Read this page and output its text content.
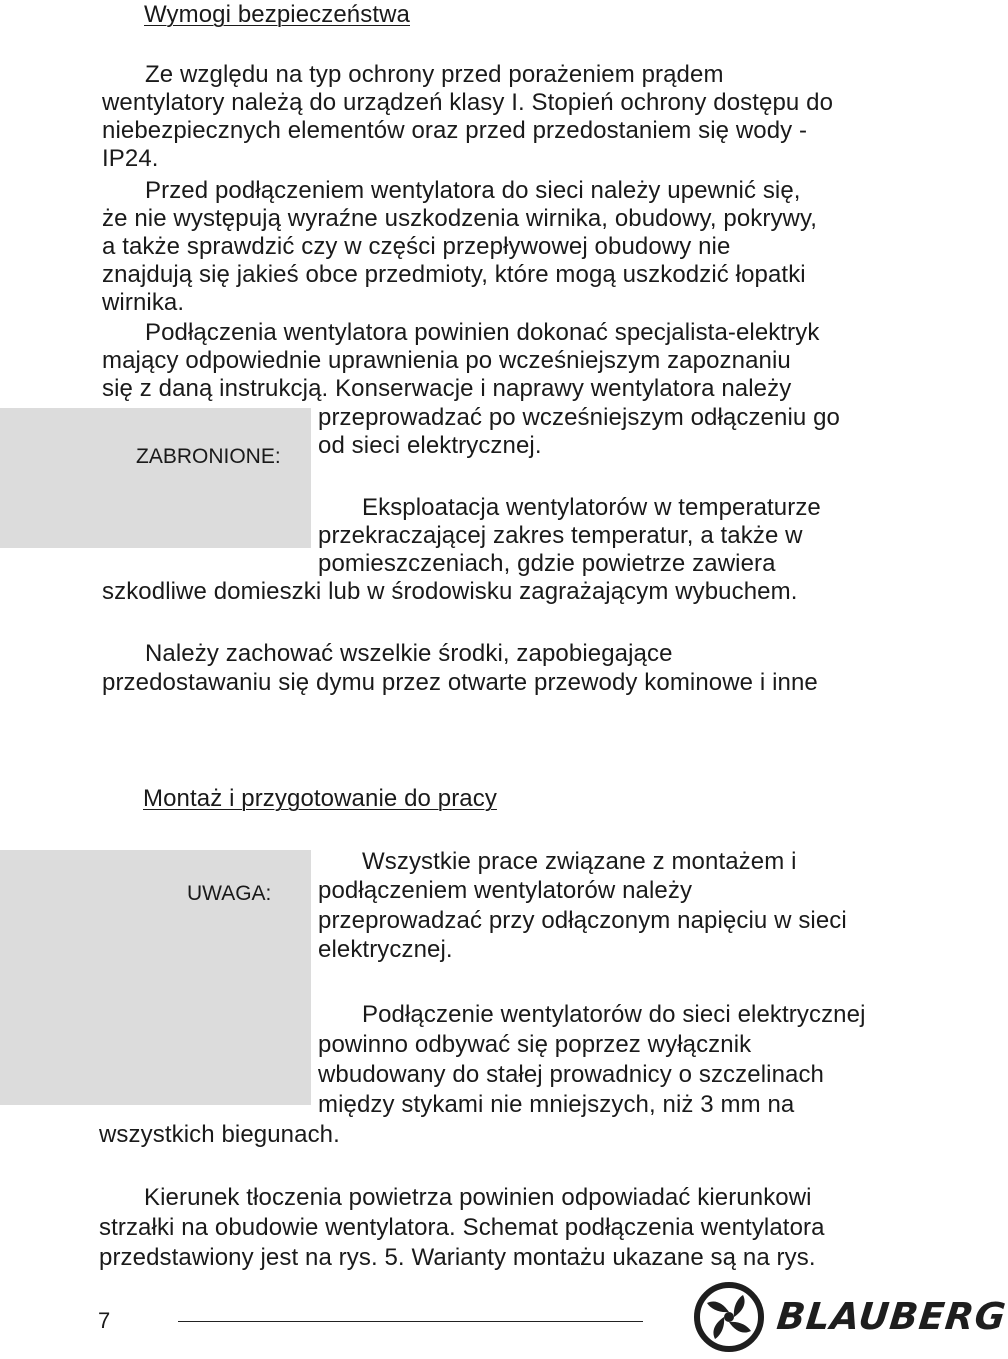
Wymogi bezpieczeństwa
Ze względu na typ ochrony przed porażeniem prądem
wentylatory należą do urządzeń klasy I. Stopień ochrony dostępu do
niebezpiecznych elementów oraz przed przedostaniem się wody -
IP24.
Przed podłączeniem wentylatora do sieci należy upewnić się,
że nie występują wyraźne uszkodzenia wirnika, obudowy, pokrywy,
a także sprawdzić czy w części przepływowej obudowy nie
znajdują się jakieś obce przedmioty, które mogą uszkodzić łopatki
wirnika.
Podłączenia wentylatora powinien dokonać specjalista-elektryk
mający odpowiednie uprawnienia po wcześniejszym zapoznaniu
się z daną instrukcją. Konserwacje i naprawy wentylatora należy
przeprowadzać po wcześniejszym odłączeniu go
od sieci elektrycznej.
ZABRONIONE:
Eksploatacja wentylatorów w temperaturze
przekraczającej zakres temperatur, a także w
pomieszczeniach, gdzie powietrze zawiera
szkodliwe domieszki lub w środowisku zagrażającym wybuchem.
Należy zachować wszelkie środki, zapobiegające
przedostawaniu się dymu przez otwarte przewody kominowe i inne
Montaż i przygotowanie do pracy
UWAGA:
Wszystkie prace związane z montażem i
podłączeniem wentylatorów należy
przeprowadzać przy odłączonym napięciu w sieci
elektrycznej.
Podłączenie wentylatorów do sieci elektrycznej
powinno odbywać się poprzez wyłącznik
wbudowany do stałej prowadnicy o szczelinach
między stykami nie mniejszych, niż 3 mm na
wszystkich biegunach.
Kierunek tłoczenia powietrza powinien odpowiadać kierunkowi
strzałki na obudowie wentylatora. Schemat podłączenia wentylatora
przedstawiony jest na rys. 5. Warianty montażu ukazane są na rys.
7	BLAUBERG
